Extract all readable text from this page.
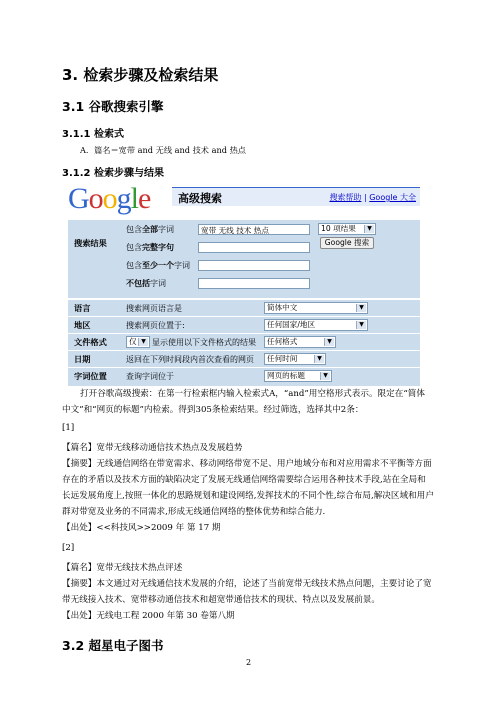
3. 检索步骤及检索结果
3.1 谷歌搜索引擎
3.1.1 检索式
A．篇名＝宽带 and 无线 and 技术 and 热点
3.1.2 检索步骤与结果
Google	高级搜索	搜索帮助 | Google 大全
搜索结果
包含全部字词	宽带 无线 技术 热点	10 项结果	▼
Google 搜索
包含完整字句
包含至少一个字词
不包括字词
语言	搜索网页语言是	简体中文	▼
地区	搜索网页位置于:	任何国家/地区	▼
文件格式	仅 ▼ 显示使用以下文件格式的结果	任何格式	▼
日期	返回在下列时间段内首次查看的网页	任何时间	▼
字词位置 查询字词位于	网页的标题	▼
打开谷歌高级搜索：在第一行检索框内输入检索式A，“and”用空格形式表示。限定在“简体
中文”和“网页的标题”内检索。得到305条检索结果。经过筛选，选择其中2条：
[1]
【篇名】宽带无线移动通信技术热点及发展趋势
【摘要】无线通信网络在带宽需求、移动网络带宽不足、用户地域分布和对应用需求不平衡等方面
存在的矛盾以及技术方面的缺陷决定了发展无线通信网络需要综合运用各种技术手段,站在全局和
长远发展角度上,按照一体化的思路规划和建设网络,发挥技术的不同个性,综合布局,解决区域和用户
群对带宽及业务的不同需求,形成无线通信网络的整体优势和综合能力.
【出处】<<科技风>>2009 年 第 17 期
[2]
【篇名】宽带无线技术热点评述
【摘要】本文通过对无线通信技术发展的介绍，论述了当前宽带无线技术热点问题，主要讨论了宽
带无线接入技术、宽带移动通信技术和超宽带通信技术的现状、特点以及发展前景。
【出处】无线电工程 2000 年第 30 卷第八期
3.2 超星电子图书
2
